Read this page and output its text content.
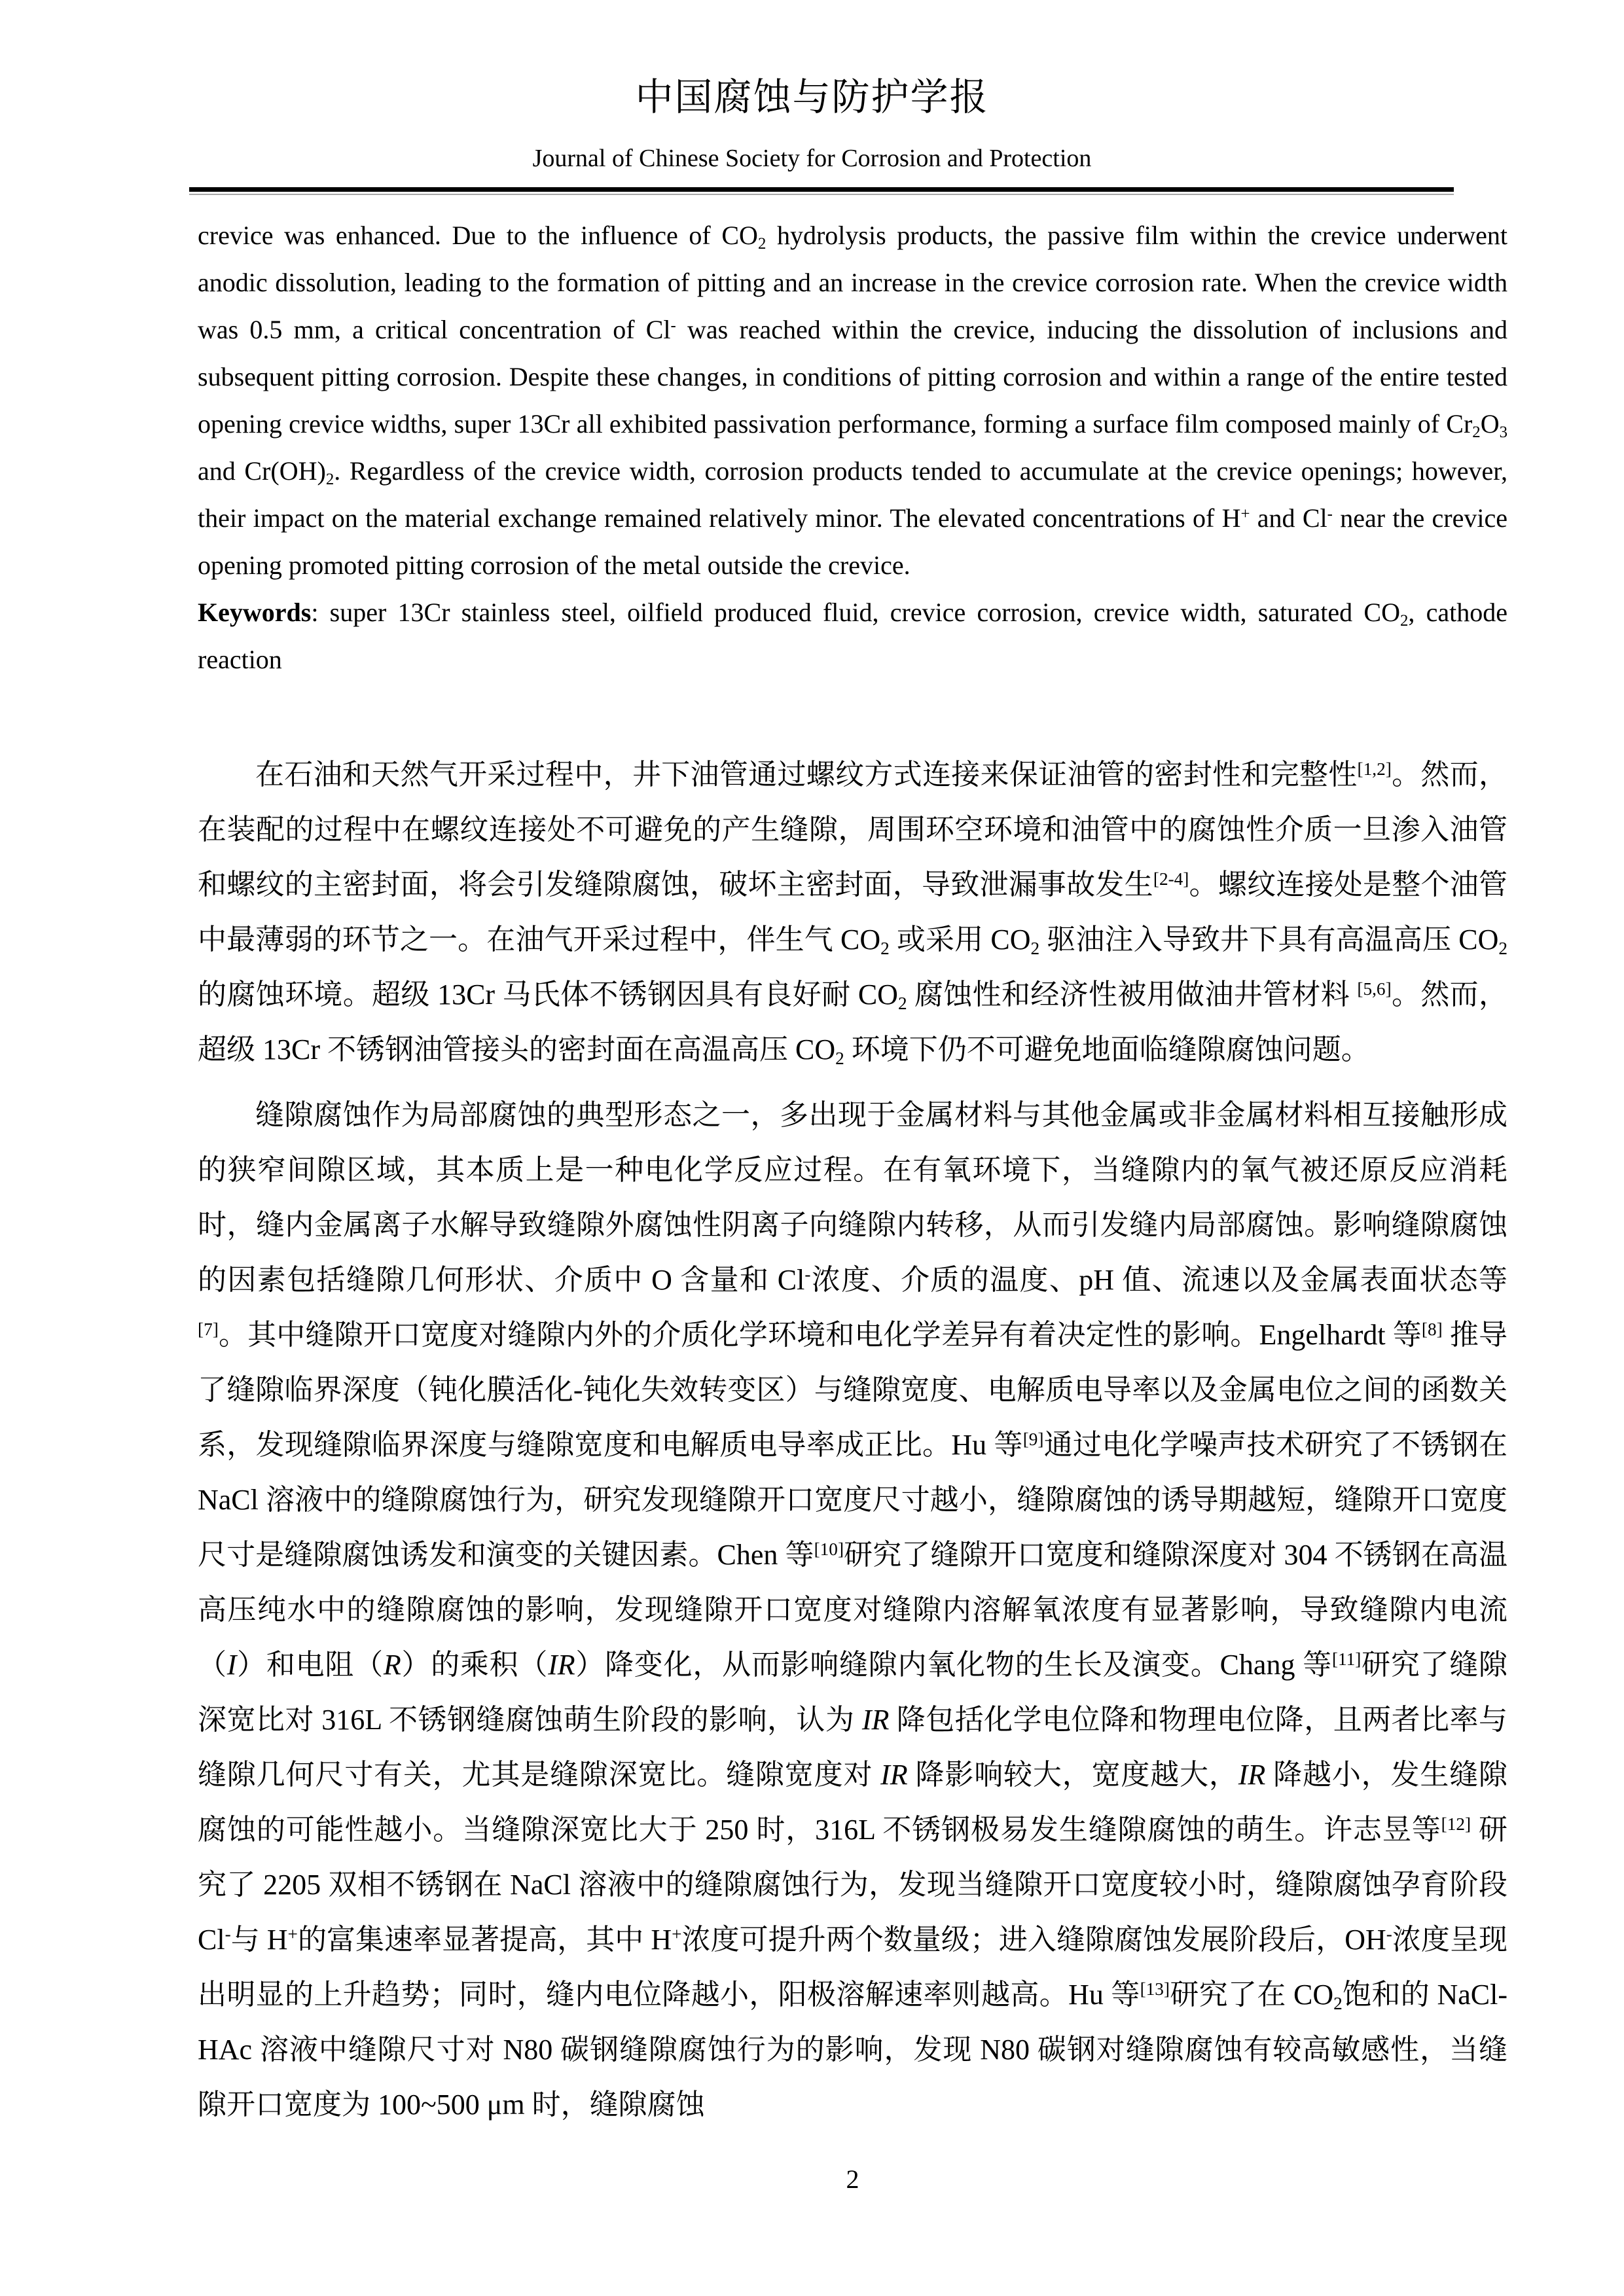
中国腐蚀与防护学报
Journal of Chinese Society for Corrosion and Protection

crevice was enhanced. Due to the influence of $CO_2$ hydrolysis products, the passive film within the crevice underwent anodic dissolution, leading to the formation of pitting and an increase in the crevice corrosion rate. When the crevice width was 0.5 mm, a critical concentration of Cl- was reached within the crevice, inducing the dissolution of inclusions and subsequent pitting corrosion. Despite these changes, in conditions of pitting corrosion and within a range of the entire tested opening crevice widths, super 13Cr all exhibited passivation performance, forming a surface film composed mainly of $Cr_2O_3$ and $Cr(OH)_2$. Regardless of the crevice width, corrosion products tended to accumulate at the crevice openings; however, their impact on the material exchange remained relatively minor. The elevated concentrations of H+ and Cl- near the crevice opening promoted pitting corrosion of the metal outside the crevice.

Keywords: super 13Cr stainless steel, oilfield produced fluid, crevice corrosion, crevice width, saturated $CO_2$, cathode reaction

在石油和天然气开采过程中，井下油管通过螺纹方式连接来保证油管的密封性和完整性[1,2]。然而，在装配的过程中在螺纹连接处不可避免的产生缝隙，周围环空环境和油管中的腐蚀性介质一旦渗入油管和螺纹的主密封面，将会引发缝隙腐蚀，破坏主密封面，导致泄漏事故发生[2-4]。螺纹连接处是整个油管中最薄弱的环节之一。在油气开采过程中，伴生气 $CO_2$ 或采用 $CO_2$ 驱油注入导致井下具有高温高压 $CO_2$ 的腐蚀环境。超级 13Cr 马氏体不锈钢因具有良好耐 $CO_2$ 腐蚀性和经济性被用做油井管材料 [5,6]。然而，超级 13Cr 不锈钢油管接头的密封面在高温高压 $CO_2$ 环境下仍不可避免地面临缝隙腐蚀问题。

缝隙腐蚀作为局部腐蚀的典型形态之一，多出现于金属材料与其他金属或非金属材料相互接触形成的狭窄间隙区域，其本质上是一种电化学反应过程。在有氧环境下，当缝隙内的氧气被还原反应消耗时，缝内金属离子水解导致缝隙外腐蚀性阴离子向缝隙内转移，从而引发缝内局部腐蚀。影响缝隙腐蚀的因素包括缝隙几何形状、介质中 O 含量和 Cl-浓度、介质的温度、pH 值、流速以及金属表面状态等[7]。其中缝隙开口宽度对缝隙内外的介质化学环境和电化学差异有着决定性的影响。Engelhardt 等[8] 推导了缝隙临界深度（钝化膜活化-钝化失效转变区）与缝隙宽度、电解质电导率以及金属电位之间的函数关系，发现缝隙临界深度与缝隙宽度和电解质电导率成正比。Hu 等[9]通过电化学噪声技术研究了不锈钢在 NaCl 溶液中的缝隙腐蚀行为，研究发现缝隙开口宽度尺寸越小，缝隙腐蚀的诱导期越短，缝隙开口宽度尺寸是缝隙腐蚀诱发和演变的关键因素。Chen 等[10]研究了缝隙开口宽度和缝隙深度对 304 不锈钢在高温高压纯水中的缝隙腐蚀的影响，发现缝隙开口宽度对缝隙内溶解氧浓度有显著影响，导致缝隙内电流（I）和电阻（R）的乘积（IR）降变化，从而影响缝隙内氧化物的生长及演变。Chang 等[11]研究了缝隙深宽比对 316L 不锈钢缝腐蚀萌生阶段的影响，认为 IR 降包括化学电位降和物理电位降，且两者比率与缝隙几何尺寸有关，尤其是缝隙深宽比。缝隙宽度对 IR 降影响较大，宽度越大，IR 降越小，发生缝隙腐蚀的可能性越小。当缝隙深宽比大于 250 时，316L 不锈钢极易发生缝隙腐蚀的萌生。许志昱等[12] 研究了 2205 双相不锈钢在 NaCl 溶液中的缝隙腐蚀行为，发现当缝隙开口宽度较小时，缝隙腐蚀孕育阶段 Cl-与 H+的富集速率显著提高，其中 H+浓度可提升两个数量级；进入缝隙腐蚀发展阶段后，OH-浓度呈现出明显的上升趋势；同时，缝内电位降越小，阳极溶解速率则越高。Hu 等[13]研究了在 $CO_2$饱和的 NaCl-HAc 溶液中缝隙尺寸对 N80 碳钢缝隙腐蚀行为的影响，发现 N80 碳钢对缝隙腐蚀有较高敏感性，当缝隙开口宽度为 100~500 μm 时，缝隙腐蚀

2
